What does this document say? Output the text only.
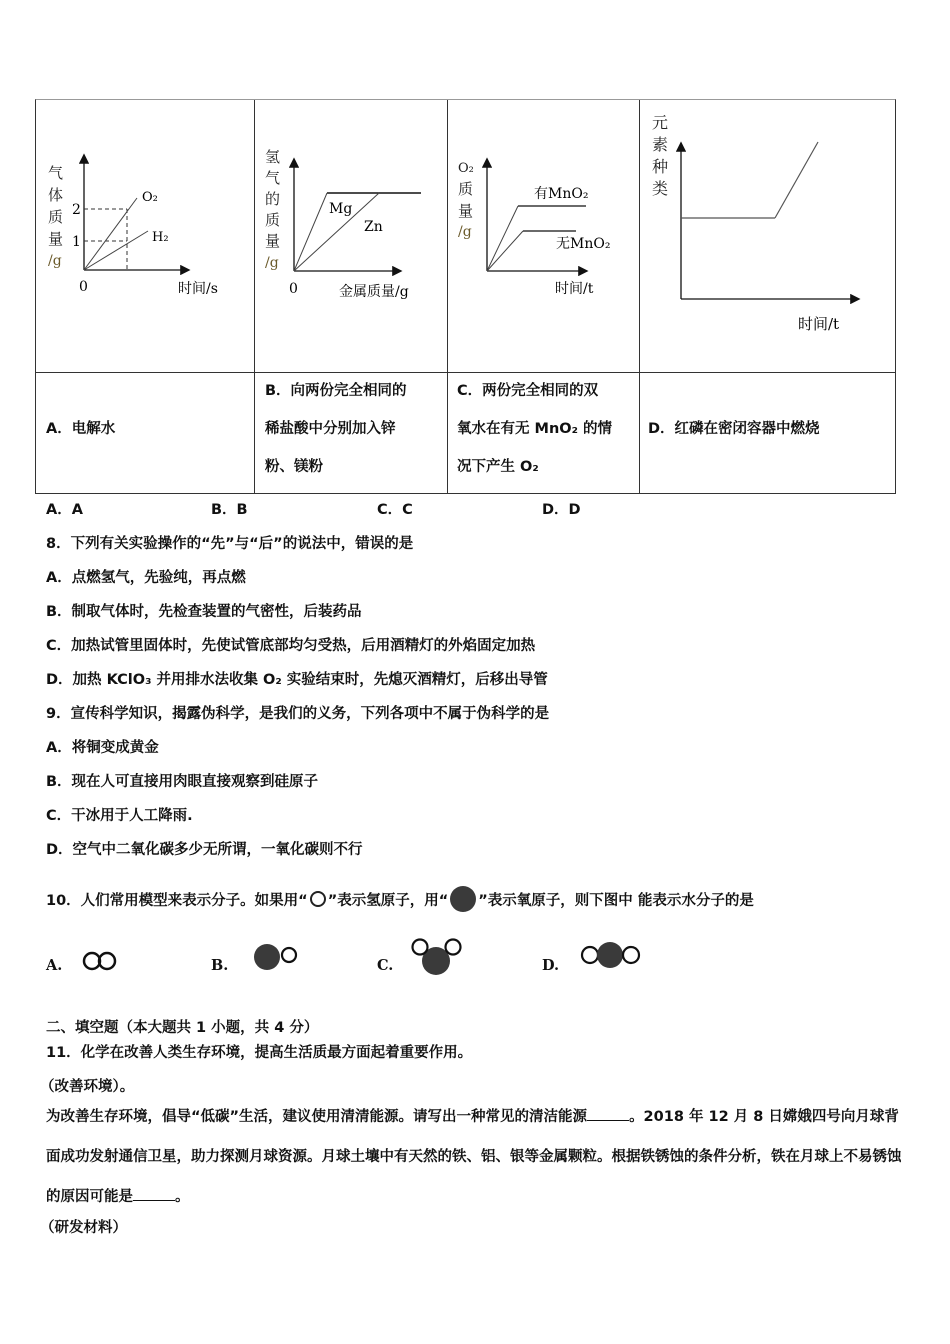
气
体
质
量
/g
2
1
O₂
H₂
0	时间/s
氢
气
的
质
量
/g
Mg
Zn
0	金属质量/g
O₂
质
量
/g
有MnO₂
无MnO₂
时间/t
元
素
种
类
时间/t
A．电解水
B．向两份完全相同的
稀盐酸中分别加入锌
粉、镁粉
C．两份完全相同的双
氧水在有无 MnO₂ 的情
况下产生 O₂
D．红磷在密闭容器中燃烧
A．A	B．B	C．C	D．D
8．下列有关实验操作的“先”与“后”的说法中，错误的是
A．点燃氢气，先验纯，再点燃
B．制取气体时，先检查装置的气密性，后装药品
C．加热试管里固体时，先使试管底部均匀受热，后用酒精灯的外焰固定加热
D．加热 KClO₃ 并用排水法收集 O₂ 实验结束时，先熄灭酒精灯，后移出导管
9．宣传科学知识，揭露伪科学，是我们的义务，下列各项中不属于伪科学的是
A．将铜变成黄金
B．现在人可直接用肉眼直接观察到硅原子
C．干冰用于人工降雨.
D．空气中二氧化碳多少无所谓，一氧化碳则不行
10．人们常用模型来表示分子。如果用“ ”表示氢原子，用“ ”表示氧原子，则下图中 能表示水分子的是
A.	B.	C.	D.
二、填空题（本大题共 1 小题，共 4 分）
11．化学在改善人类生存环境，提高生活质最方面起着重要作用。
（改善环境）。
为改善生存环境，倡导“低碳”生活，建议使用清清能源。请写出一种常见的清洁能源	。2018 年 12 月 8 日嫦娥四号向月球背面成功发射通信卫星，助力探测月球资源。月球土壤中有天然的铁、铝、银等金属颗粒。根据铁锈蚀的条件分析，铁在月球上不易锈蚀的原因可能是	。
（研发材料）
